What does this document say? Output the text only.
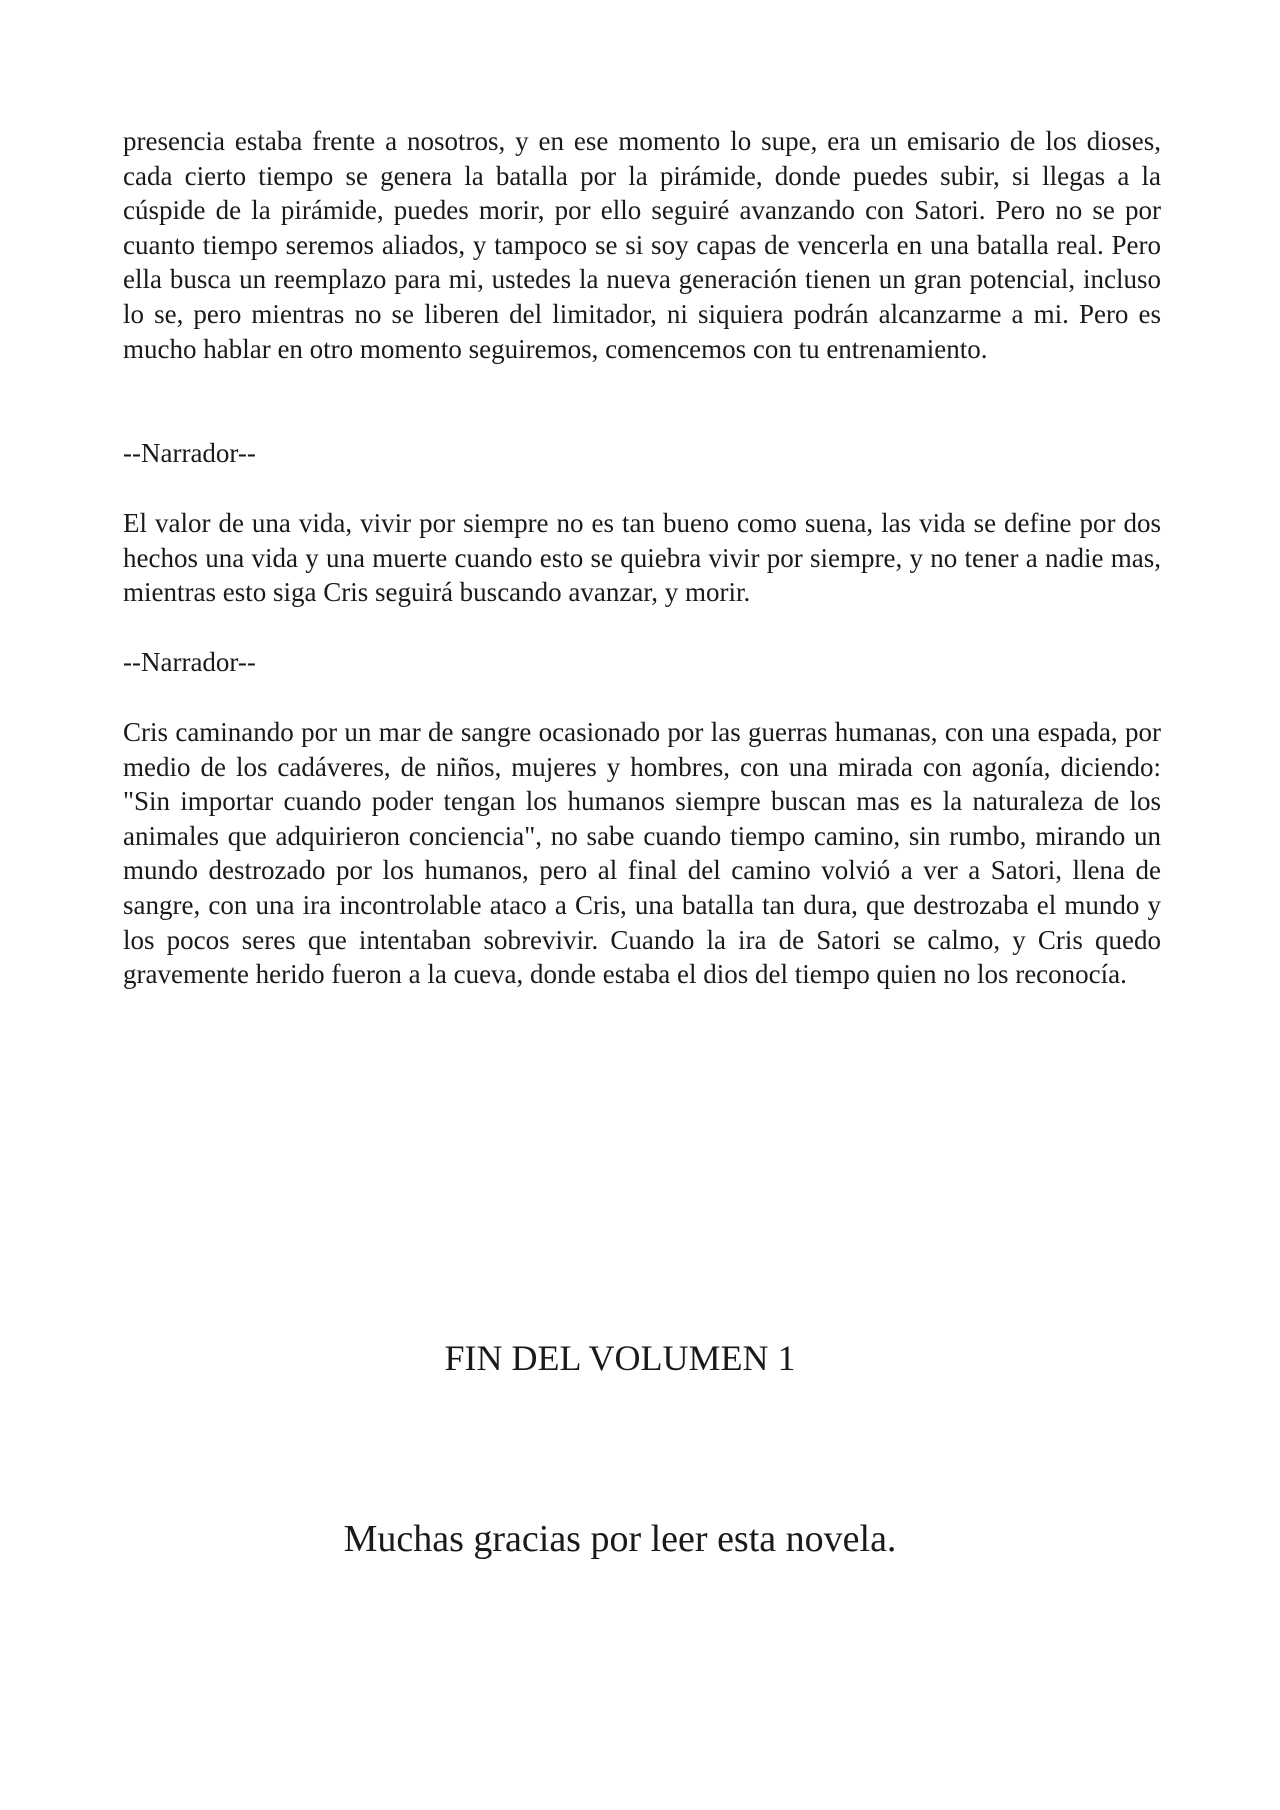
presencia estaba frente a nosotros, y en ese momento lo supe, era un emisario de los dioses, cada cierto tiempo se genera la batalla por la pirámide, donde puedes subir, si llegas a la cúspide de la pirámide, puedes morir, por ello seguiré avanzando con Satori. Pero no se por cuanto tiempo seremos aliados, y tampoco se si soy capas de vencerla en una batalla real. Pero ella busca un reemplazo para mi, ustedes la nueva generación tienen un gran potencial, incluso lo se, pero mientras no se liberen del limitador, ni siquiera podrán alcanzarme a mi. Pero es mucho hablar en otro momento seguiremos, comencemos con tu entrenamiento.

--Narrador--

El valor de una vida, vivir por siempre no es tan bueno como suena, las vida se define por dos hechos una vida y una muerte cuando esto se quiebra vivir por siempre, y no tener a nadie mas, mientras esto siga Cris seguirá buscando avanzar, y morir.

--Narrador--

Cris caminando por un mar de sangre ocasionado por las guerras humanas, con una espada, por medio de los cadáveres, de niños, mujeres y hombres, con una mirada con agonía, diciendo: "Sin importar cuando poder tengan los humanos siempre buscan mas es la naturaleza de los animales que adquirieron conciencia", no sabe cuando tiempo camino, sin rumbo, mirando un mundo destrozado por los humanos, pero al final del camino volvió a ver a Satori, llena de sangre, con una ira incontrolable ataco a Cris, una batalla tan dura, que destrozaba el mundo y los pocos seres que intentaban sobrevivir. Cuando la ira de Satori se calmo, y Cris quedo gravemente herido fueron a la cueva, donde estaba el dios del tiempo quien no los reconocía.

FIN DEL VOLUMEN 1

Muchas gracias por leer esta novela.
